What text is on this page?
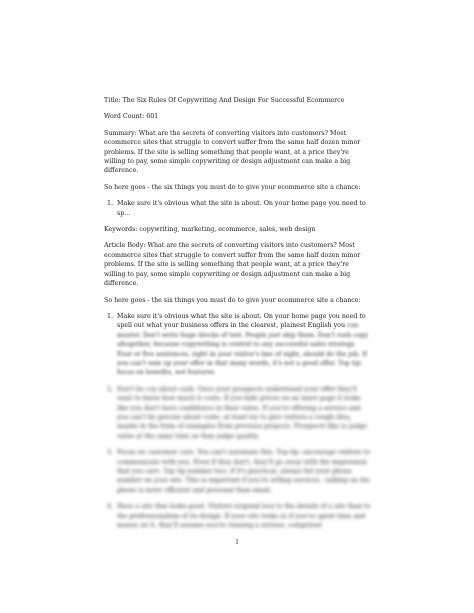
Title: The Six Rules Of Copywriting And Design For Successful Ecommerce

Word Count: 601

Summary: What are the secrets of converting visitors into customers? Most ecommerce sites that struggle to convert suffer from the same half dozen minor problems. If the site is selling something that people want, at a price they're willing to pay, some simple copywriting or design adjustment can make a big difference.

So here goes - the six things you must do to give your ecommerce site a chance:

1. Make sure it's obvious what the site is about. On your home page you need to sp...

Keywords: copywriting, marketing, ecommerce, sales, web design

Article Body: What are the secrets of converting visitors into customers? Most ecommerce sites that struggle to convert suffer from the same half dozen minor problems. If the site is selling something that people want, at a price they're willing to pay, some simple copywriting or design adjustment can make a big difference.

So here goes - the six things you must do to give your ecommerce site a chance:

1. Make sure it's obvious what the site is about. On your home page you need to spell out what your business offers in the clearest, plainest English you can muster. Don't write huge blocks of text. People just skip them. Don't rush copy altogether, because copywriting is central to any successful sales strategy. Four or five sentences, right in your visitor's line of sight, should do the job. If you can't sum up your offer in that many words, it's not a good offer. Top tip: focus on benefits, not features.
2. Don't be coy about cash. Once your prospects understand your offer they'll want to know how much it costs. If you hide prices on an inner page it looks like you don't have confidence in their value. If you're offering a service and you can't be precise about costs, at least try to give visitors a rough idea, maybe in the form of examples from previous projects. Prospects like to judge value at the same time as they judge quality.
3. Focus on customer care. You can't automate this. Top tip: encourage visitors to communicate with you. Even if they don't, they'll go away with the impression that you care. Top tip number two: if it's practical, always list your phone number on your site. This is important if you're selling services - talking on the phone is more efficient and personal than email.
4. Have a site that looks good. Visitors respond less to the details of a site than to the professionalism of its design. If your site looks as if you've spent time and money on it, they'll assume you're running a serious, competent
1
